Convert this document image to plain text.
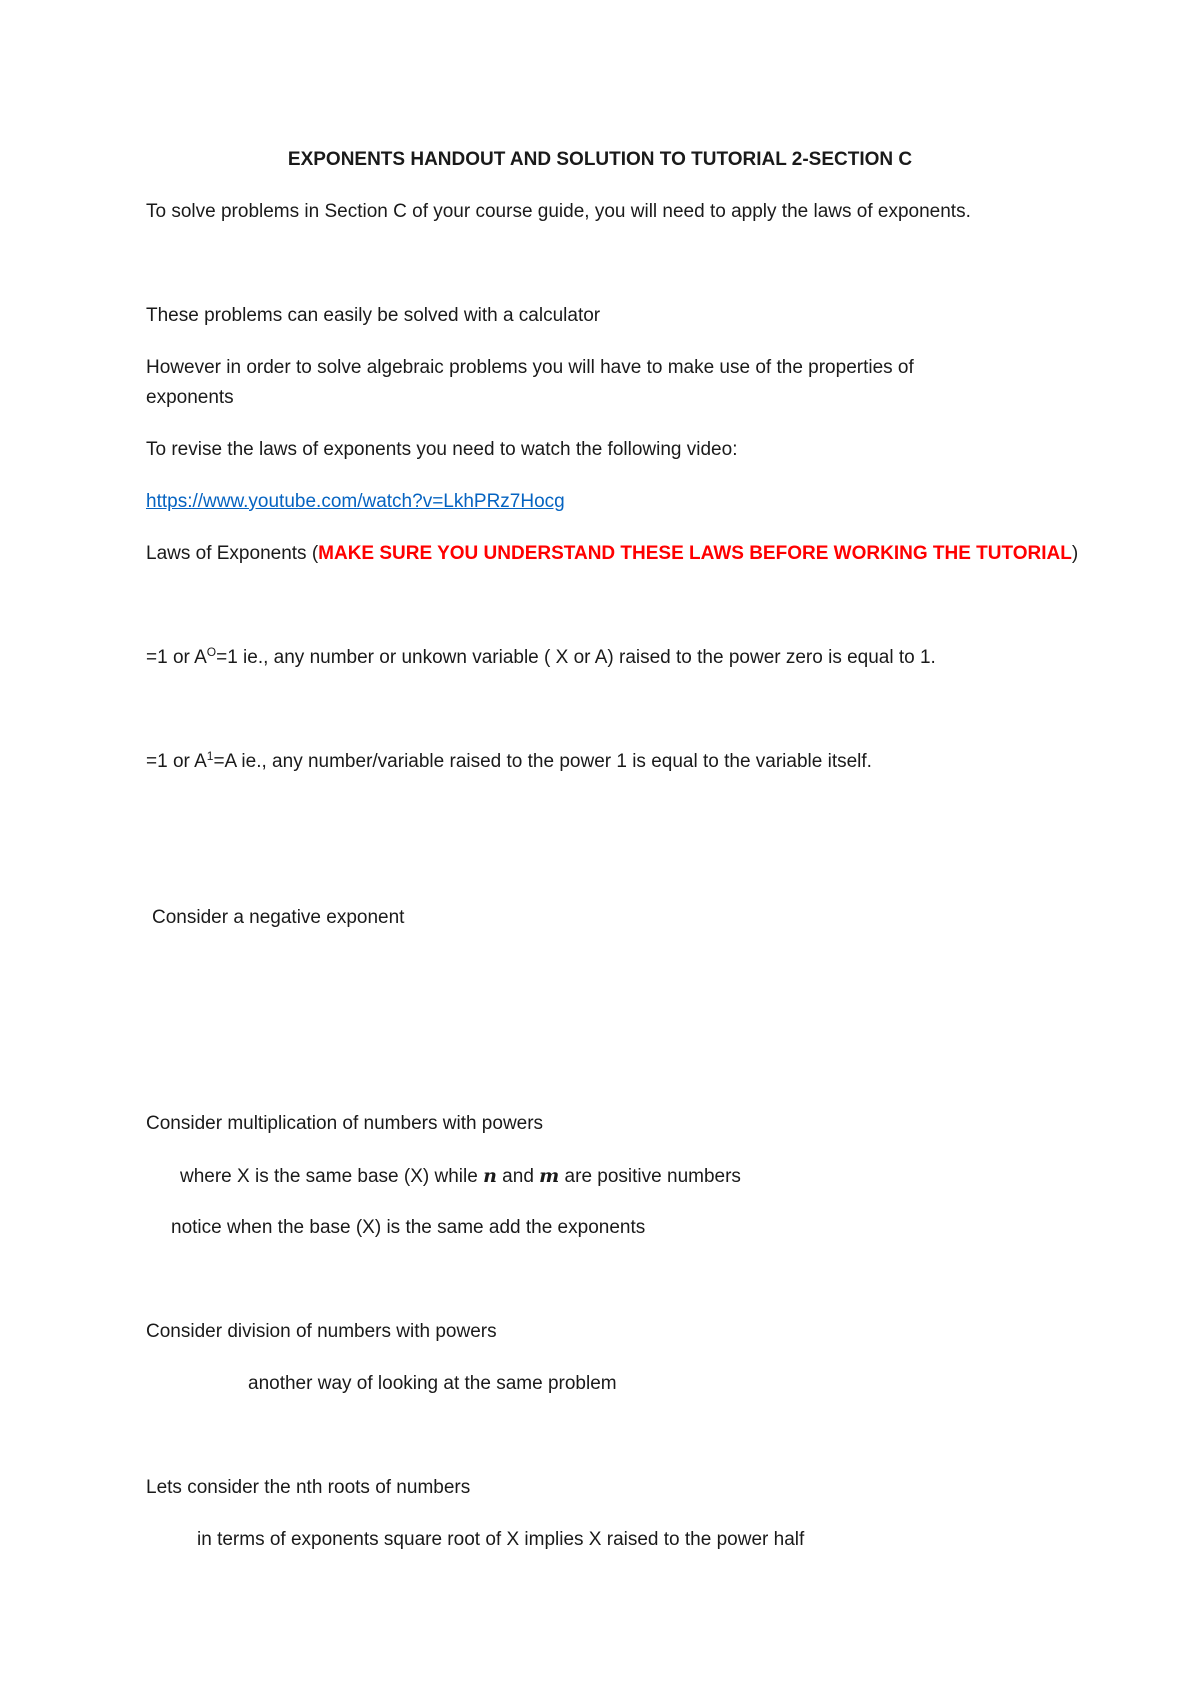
EXPONENTS HANDOUT AND SOLUTION TO TUTORIAL 2-SECTION C
To solve problems in Section C of your course guide, you will need to apply the laws of exponents.
These problems can easily be solved with a calculator
However in order to solve algebraic problems you will have to make use of the properties of
exponents
To revise the laws of exponents you need to watch the following video:
https://www.youtube.com/watch?v=LkhPRz7Hocg
Laws of Exponents (MAKE SURE YOU UNDERSTAND THESE LAWS BEFORE WORKING THE TUTORIAL)
=1 or $A^O=1$ ie., any number or unkown variable ( X or A) raised to the power zero is equal to 1.
=1 or $A^1=A$ ie., any number/variable raised to the power 1 is equal to the variable itself.
Consider a negative exponent
Consider multiplication of numbers with powers
where X is the same base (X) while n and m are positive numbers
notice when the base (X) is the same add the exponents
Consider division of numbers with powers
another way of looking at the same problem
Lets consider the nth roots of numbers
in terms of exponents square root of X implies X raised to the power half
